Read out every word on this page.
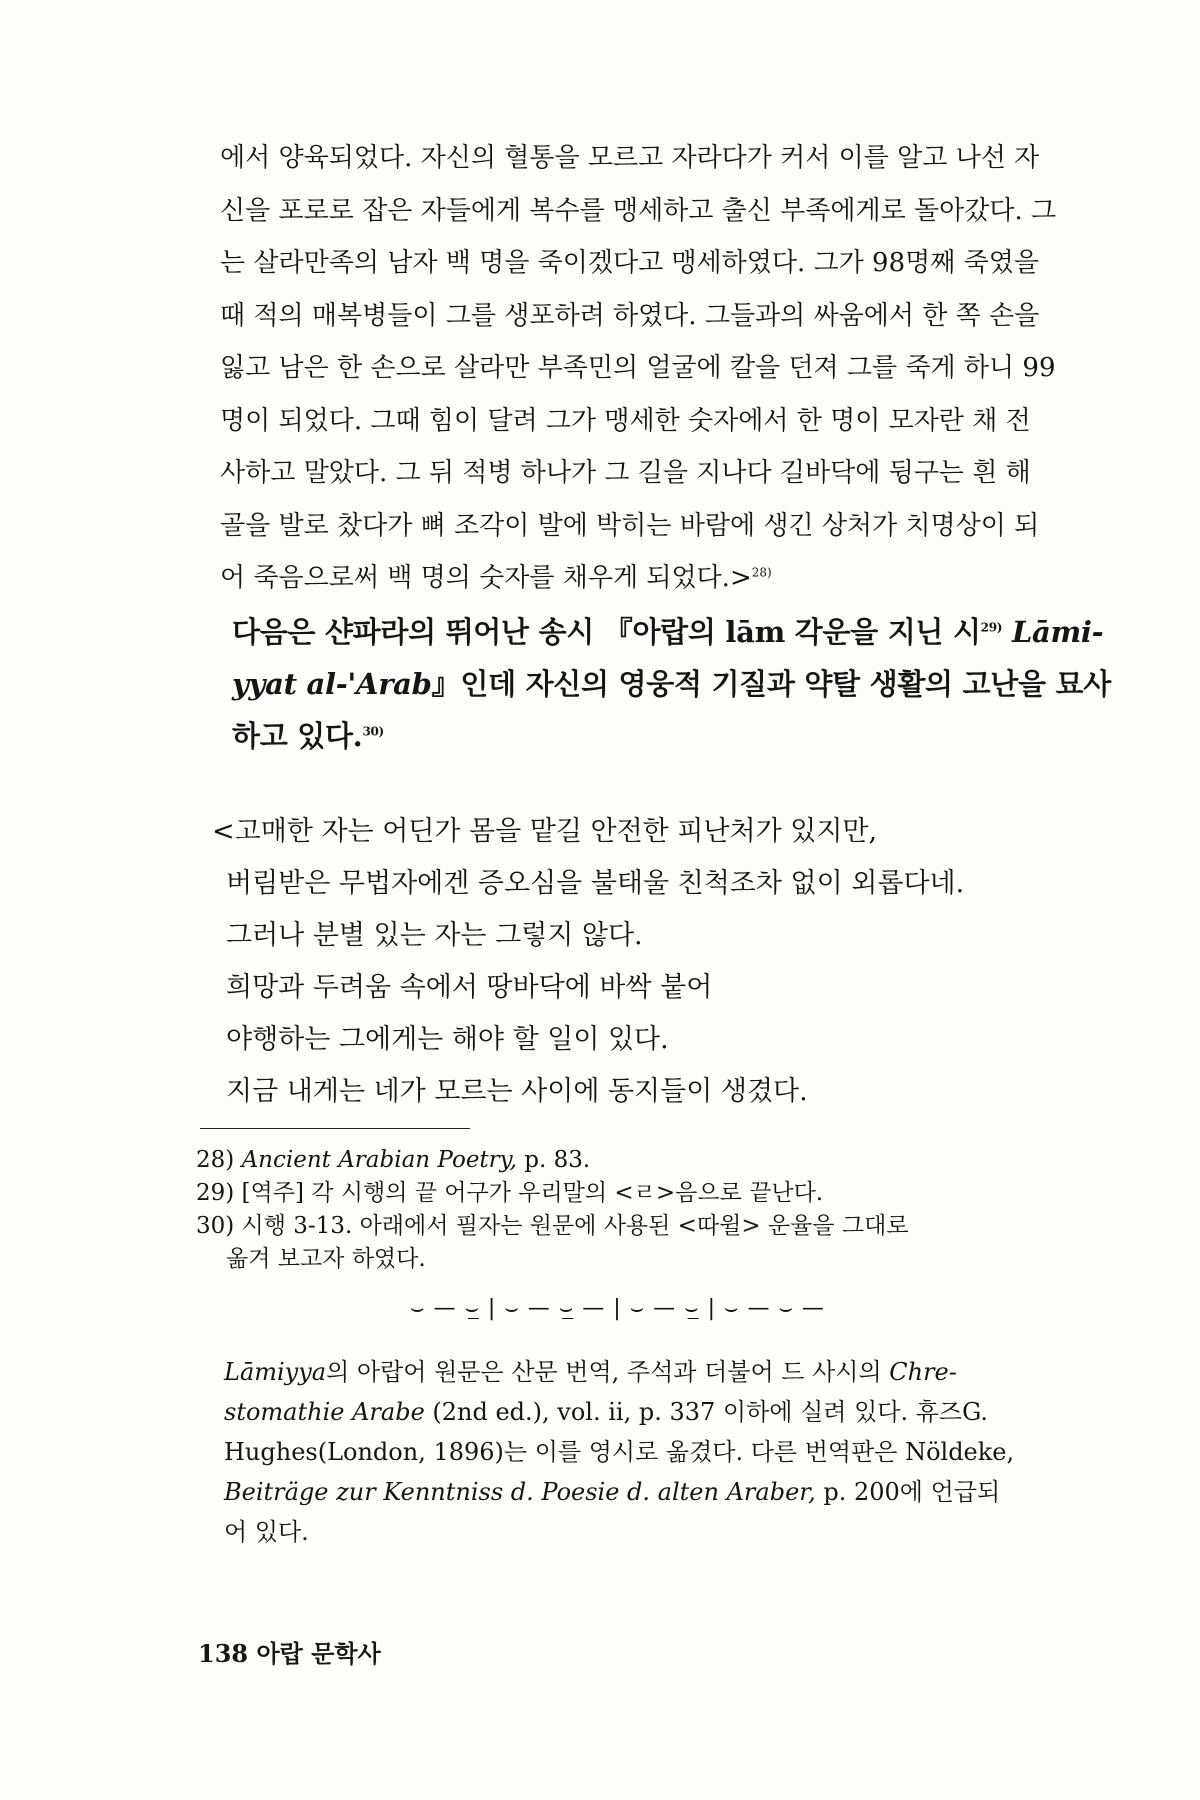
에서 양육되었다. 자신의 혈통을 모르고 자라다가 커서 이를 알고 나선 자
신을 포로로 잡은 자들에게 복수를 맹세하고 출신 부족에게로 돌아갔다. 그
는 살라만족의 남자 백 명을 죽이겠다고 맹세하였다. 그가 98명째 죽였을
때 적의 매복병들이 그를 생포하려 하였다. 그들과의 싸움에서 한 쪽 손을
잃고 남은 한 손으로 살라만 부족민의 얼굴에 칼을 던져 그를 죽게 하니 99
명이 되었다. 그때 힘이 달려 그가 맹세한 숫자에서 한 명이 모자란 채 전
사하고 말았다. 그 뒤 적병 하나가 그 길을 지나다 길바닥에 뒹구는 흰 해
골을 발로 찼다가 뼈 조각이 발에 박히는 바람에 생긴 상처가 치명상이 되
어 죽음으로써 백 명의 숫자를 채우게 되었다.>$^{28)}$
다음은 샨파라의 뛰어난 송시 『아랍의 lām 각운을 지닌 시$^{29)}$ Lāmi-
yyat al-'Arab』인데 자신의 영웅적 기질과 약탈 생활의 고난을 묘사
하고 있다.$^{30)}$
<고매한 자는 어딘가 몸을 맡길 안전한 피난처가 있지만,
버림받은 무법자에겐 증오심을 불태울 친척조차 없이 외롭다네.
그러나 분별 있는 자는 그렇지 않다.
희망과 두려움 속에서 땅바닥에 바싹 붙어
야행하는 그에게는 해야 할 일이 있다.
지금 내게는 네가 모르는 사이에 동지들이 생겼다.
28) Ancient Arabian Poetry, p. 83.
29) [역주] 각 시행의 끝 어구가 우리말의 <ㄹ>음으로 끝난다.
30) 시행 3-13. 아래에서 필자는 원문에 사용된 <따윌> 운율을 그대로
옮겨 보고자 하였다.
⌣ — ⌣̲ | ⌣ — ⌣̲ — | ⌣ — ⌣̲ | ⌣ — ⌣ —
Lāmiyya의 아랍어 원문은 산문 번역, 주석과 더불어 드 사시의 Chre-
stomathie Arabe (2nd ed.), vol. ii, p. 337 이하에 실려 있다. 휴즈G.
Hughes(London, 1896)는 이를 영시로 옮겼다. 다른 번역판은 Nöldeke,
Beiträge zur Kenntniss d. Poesie d. alten Araber, p. 200에 언급되
어 있다.
138 아랍 문학사
